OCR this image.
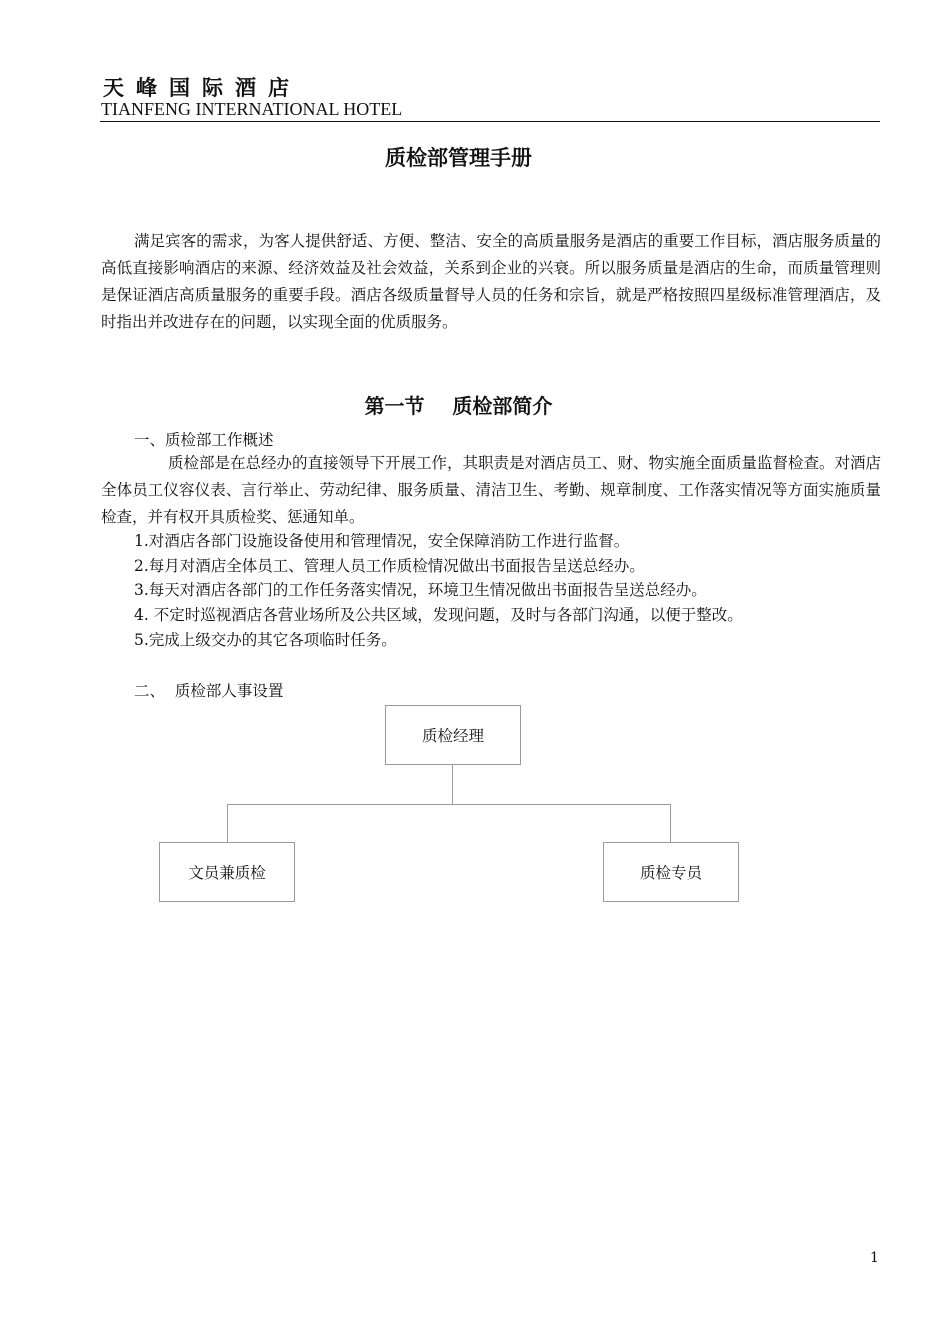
天峰国际酒店
TIANFENG INTERNATIONAL HOTEL
质检部管理手册

满足宾客的需求，为客人提供舒适、方便、整洁、安全的高质量服务是酒店的重要工作目标，酒店服务质量的高低直接影响酒店的来源、经济效益及社会效益，关系到企业的兴衰。所以服务质量是酒店的生命，而质量管理则是保证酒店高质量服务的重要手段。酒店各级质量督导人员的任务和宗旨，就是严格按照四星级标准管理酒店，及时指出并改进存在的问题，以实现全面的优质服务。

第一节    质检部简介
一、质检部工作概述

质检部是在总经办的直接领导下开展工作，其职责是对酒店员工、财、物实施全面质量监督检查。对酒店全体员工仪容仪表、言行举止、劳动纪律、服务质量、清洁卫生、考勤、规章制度、工作落实情况等方面实施质量检查，并有权开具质检奖、惩通知单。

1.对酒店各部门设施设备使用和管理情况，安全保障消防工作进行监督。
2.每月对酒店全体员工、管理人员工作质检情况做出书面报告呈送总经办。
3.每天对酒店各部门的工作任务落实情况，环境卫生情况做出书面报告呈送总经办。
4. 不定时巡视酒店各营业场所及公共区域，发现问题，及时与各部门沟通，以便于整改。
5.完成上级交办的其它各项临时任务。
二、  质检部人事设置
质检经理
文员兼质检	质检专员
1
